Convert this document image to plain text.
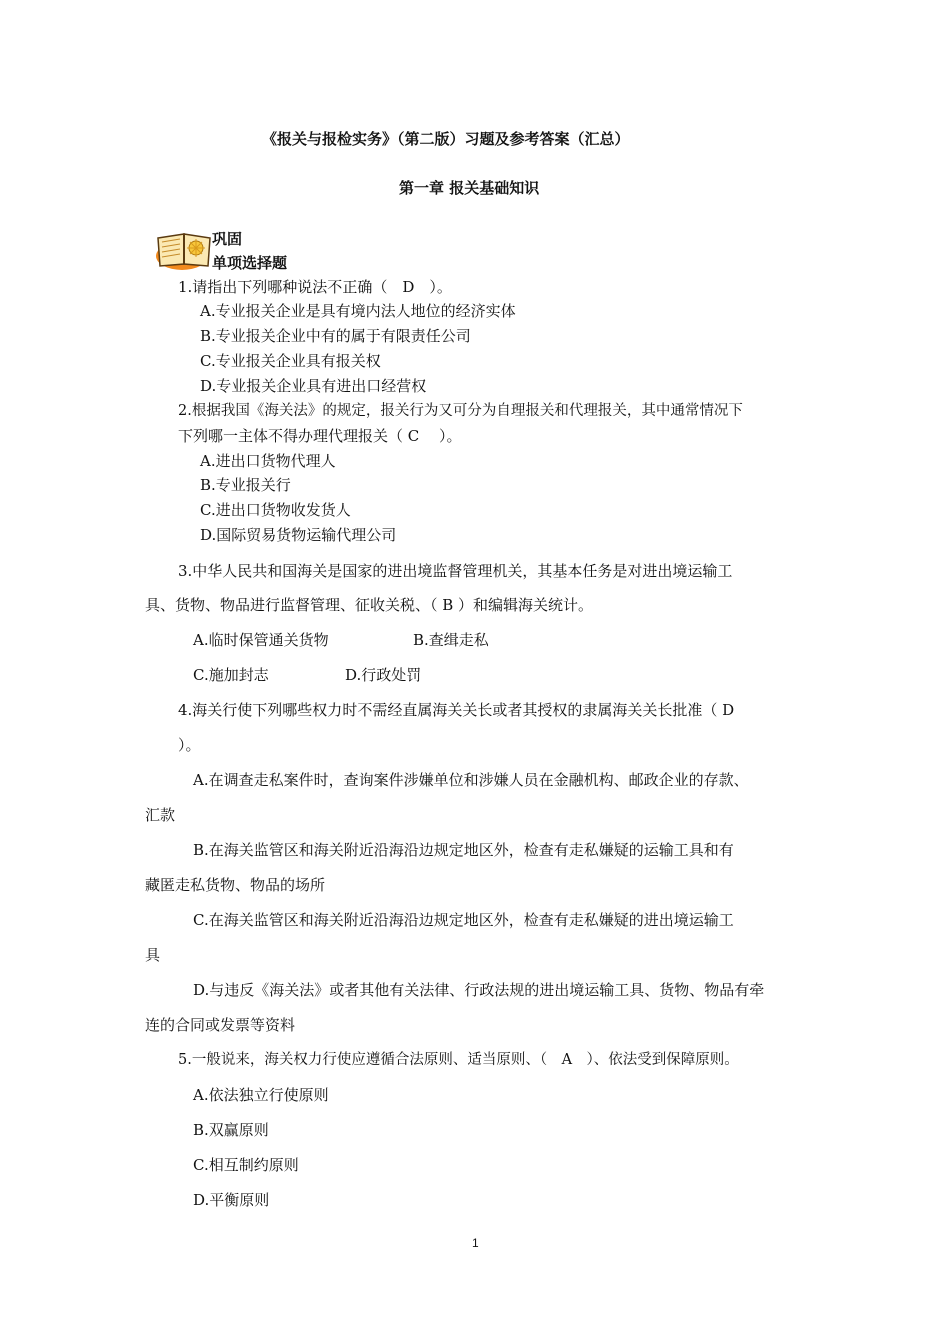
《报关与报检实务》（第二版）习题及参考答案（汇总）
第一章 报关基础知识
巩固
单项选择题
1.请指出下列哪种说法不正确（　D　）。
A.专业报关企业是具有境内法人地位的经济实体
B.专业报关企业中有的属于有限责任公司
C.专业报关企业具有报关权
D.专业报关企业具有进出口经营权
2.根据我国《海关法》的规定，报关行为又可分为自理报关和代理报关，其中通常情况下
下列哪一主体不得办理代理报关（ C　 ）。
A.进出口货物代理人
B.专业报关行
C.进出口货物收发货人
D.国际贸易货物运输代理公司
3.中华人民共和国海关是国家的进出境监督管理机关，其基本任务是对进出境运输工
具、货物、物品进行监督管理、征收关税、（ B ）和编辑海关统计。
A.临时保管通关货物	B.查缉走私
C.施加封志	D.行政处罚
4.海关行使下列哪些权力时不需经直属海关关长或者其授权的隶属海关关长批准（ D
）。
A.在调查走私案件时，查询案件涉嫌单位和涉嫌人员在金融机构、邮政企业的存款、
汇款
B.在海关监管区和海关附近沿海沿边规定地区外，检查有走私嫌疑的运输工具和有
藏匿走私货物、物品的场所
C.在海关监管区和海关附近沿海沿边规定地区外，检查有走私嫌疑的进出境运输工
具
D.与违反《海关法》或者其他有关法律、行政法规的进出境运输工具、货物、物品有牵
连的合同或发票等资料
5.一般说来，海关权力行使应遵循合法原则、适当原则、（　A　）、依法受到保障原则。
A.依法独立行使原则
B.双赢原则
C.相互制约原则
D.平衡原则
1
